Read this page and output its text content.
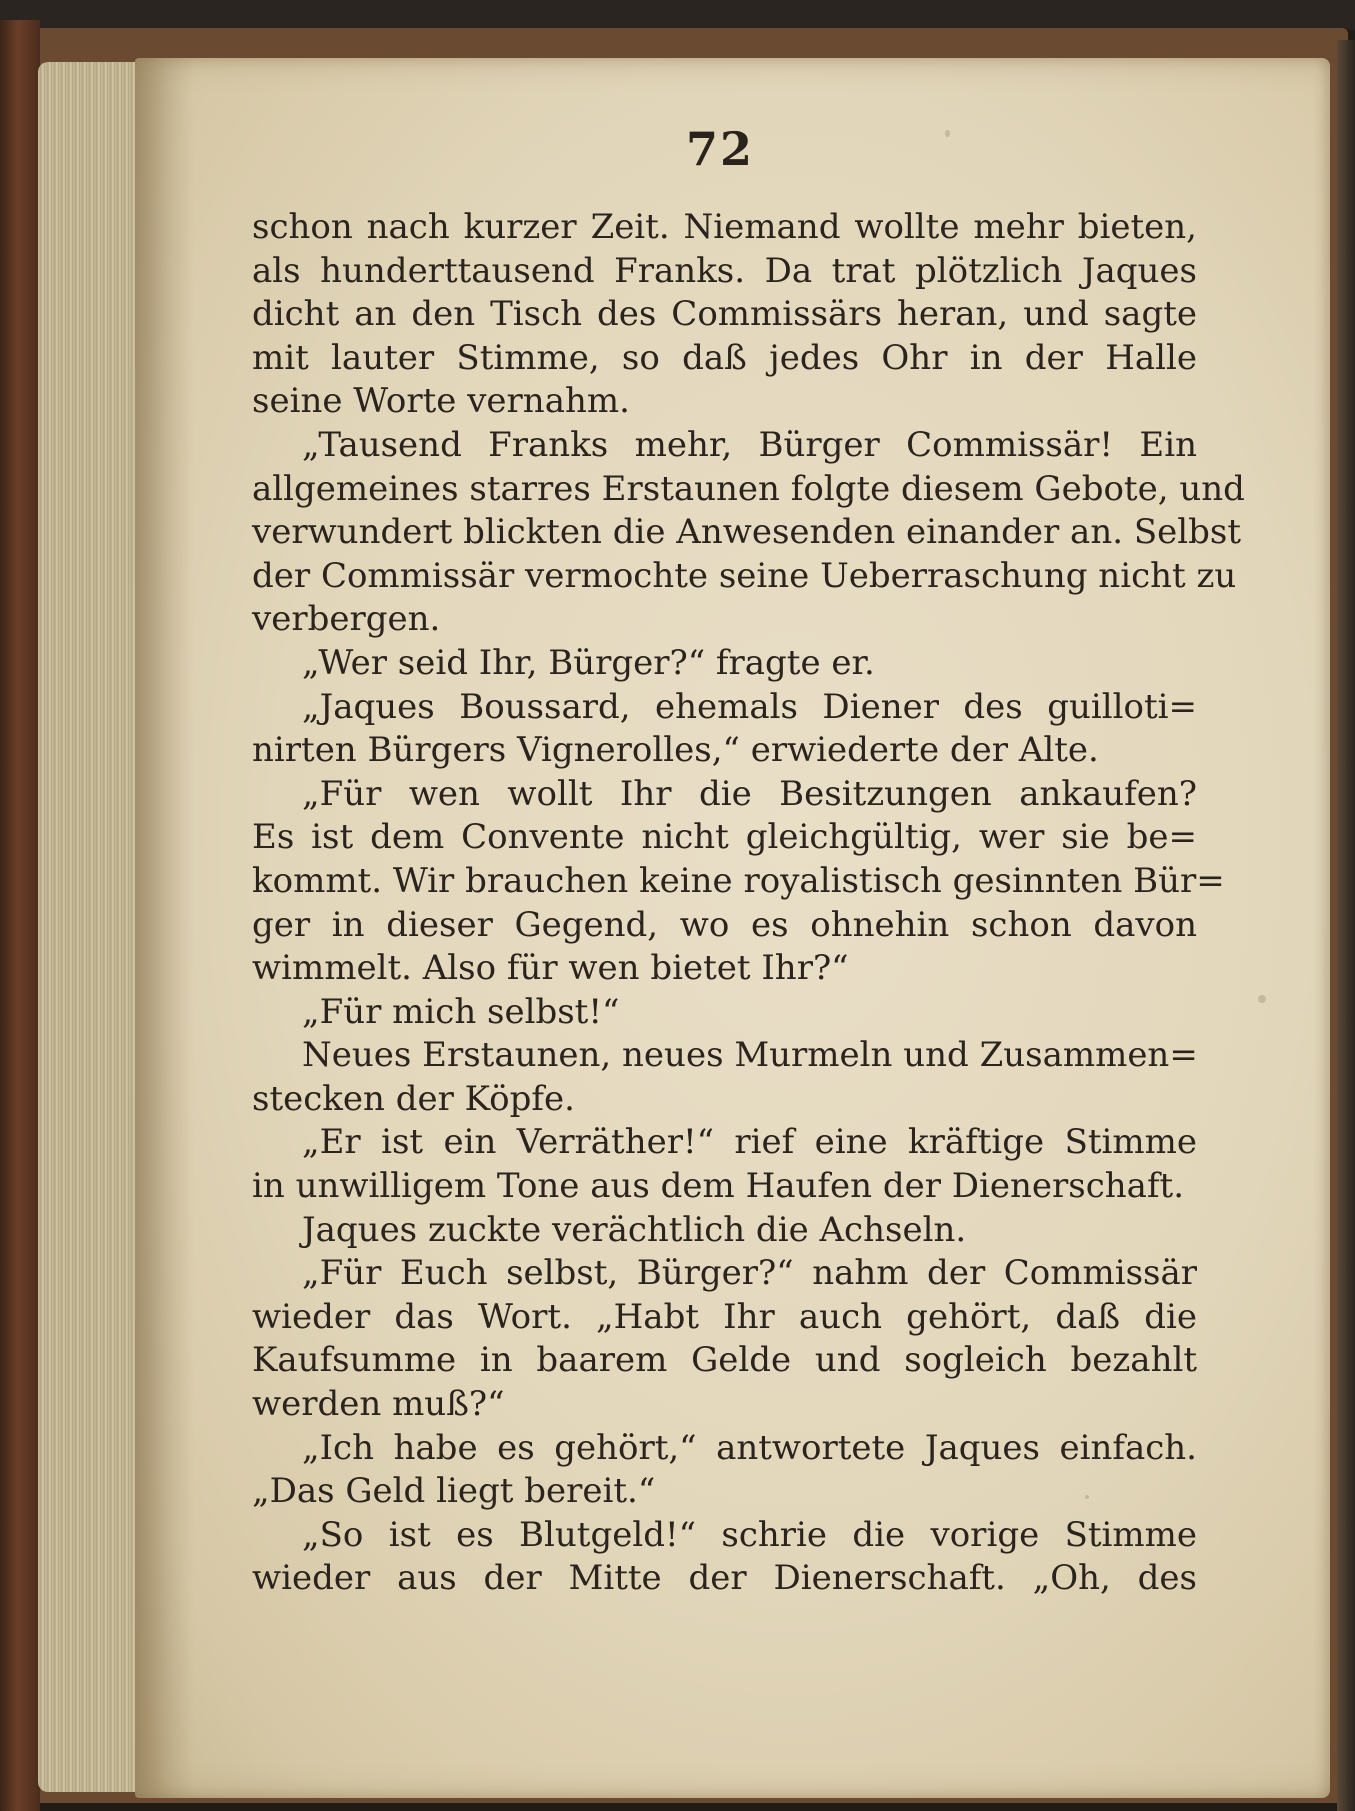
72
schon nach kurzer Zeit. Niemand wollte mehr bieten,
als hunderttausend Franks. Da trat plötzlich Jaques
dicht an den Tisch des Commissärs heran, und sagte
mit lauter Stimme, so daß jedes Ohr in der Halle
seine Worte vernahm.
„Tausend Franks mehr, Bürger Commissär! Ein
allgemeines starres Erstaunen folgte diesem Gebote, und
verwundert blickten die Anwesenden einander an. Selbst
der Commissär vermochte seine Ueberraschung nicht zu
verbergen.
„Wer seid Ihr, Bürger?“ fragte er.
„Jaques Boussard, ehemals Diener des guilloti=
nirten Bürgers Vignerolles,“ erwiederte der Alte.
„Für wen wollt Ihr die Besitzungen ankaufen?
Es ist dem Convente nicht gleichgültig, wer sie be=
kommt. Wir brauchen keine royalistisch gesinnten Bür=
ger in dieser Gegend, wo es ohnehin schon davon
wimmelt. Also für wen bietet Ihr?“
„Für mich selbst!“
Neues Erstaunen, neues Murmeln und Zusammen=
stecken der Köpfe.
„Er ist ein Verräther!“ rief eine kräftige Stimme
in unwilligem Tone aus dem Haufen der Dienerschaft.
Jaques zuckte verächtlich die Achseln.
„Für Euch selbst, Bürger?“ nahm der Commissär
wieder das Wort. „Habt Ihr auch gehört, daß die
Kaufsumme in baarem Gelde und sogleich bezahlt
werden muß?“
„Ich habe es gehört,“ antwortete Jaques einfach.
„Das Geld liegt bereit.“
„So ist es Blutgeld!“ schrie die vorige Stimme
wieder aus der Mitte der Dienerschaft. „Oh, des
